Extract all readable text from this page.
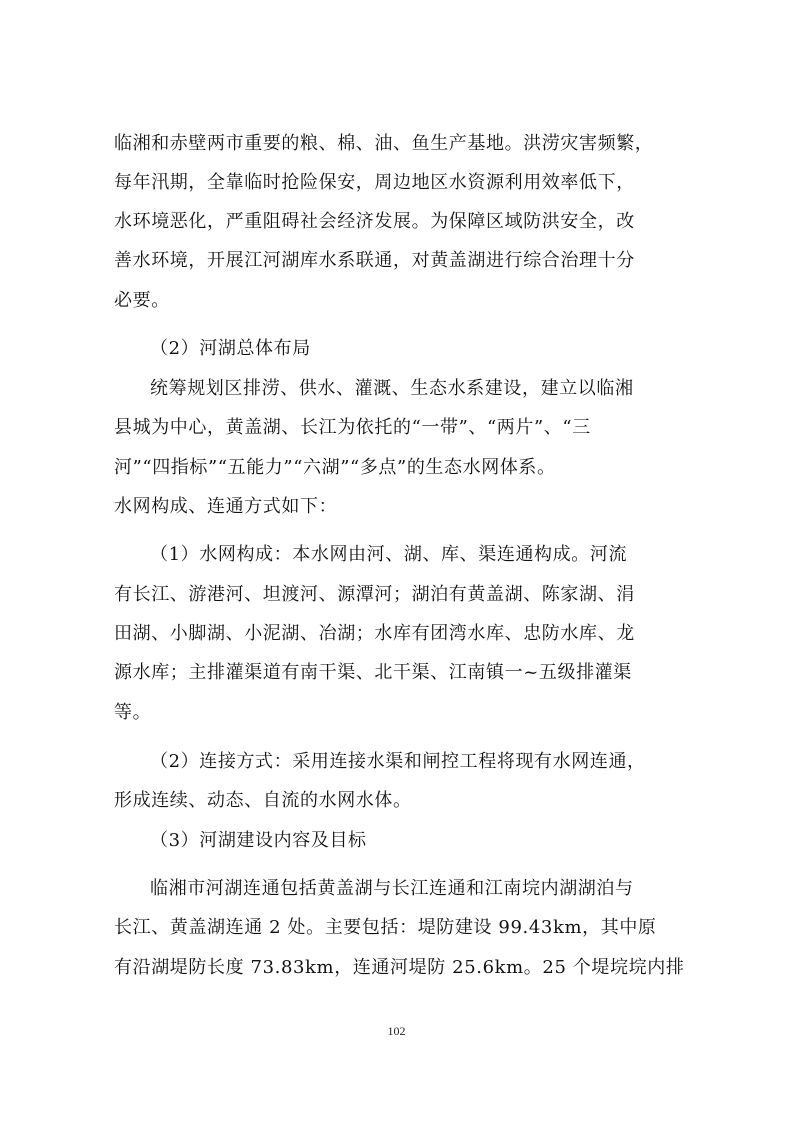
临湘和赤壁两市重要的粮、棉、油、鱼生产基地。洪涝灾害频繁，
每年汛期，全靠临时抢险保安，周边地区水资源利用效率低下，
水环境恶化，严重阻碍社会经济发展。为保障区域防洪安全，改
善水环境，开展江河湖库水系联通，对黄盖湖进行综合治理十分
必要。
（2）河湖总体布局
统筹规划区排涝、供水、灌溉、生态水系建设，建立以临湘
县城为中心，黄盖湖、长江为依托的“一带”、“两片”、“三
河”“四指标”“五能力”“六湖”“多点”的生态水网体系。
水网构成、连通方式如下：
（1）水网构成：本水网由河、湖、库、渠连通构成。河流
有长江、游港河、坦渡河、源潭河；湖泊有黄盖湖、陈家湖、涓
田湖、小脚湖、小泥湖、冶湖；水库有团湾水库、忠防水库、龙
源水库；主排灌渠道有南干渠、北干渠、江南镇一~五级排灌渠
等。
（2）连接方式：采用连接水渠和闸控工程将现有水网连通，
形成连续、动态、自流的水网水体。
（3）河湖建设内容及目标
临湘市河湖连通包括黄盖湖与长江连通和江南垸内湖湖泊与
长江、黄盖湖连通 2 处。主要包括：堤防建设 99.43km，其中原
有沿湖堤防长度 73.83km，连通河堤防 25.6km。25 个堤垸垸内排
102
